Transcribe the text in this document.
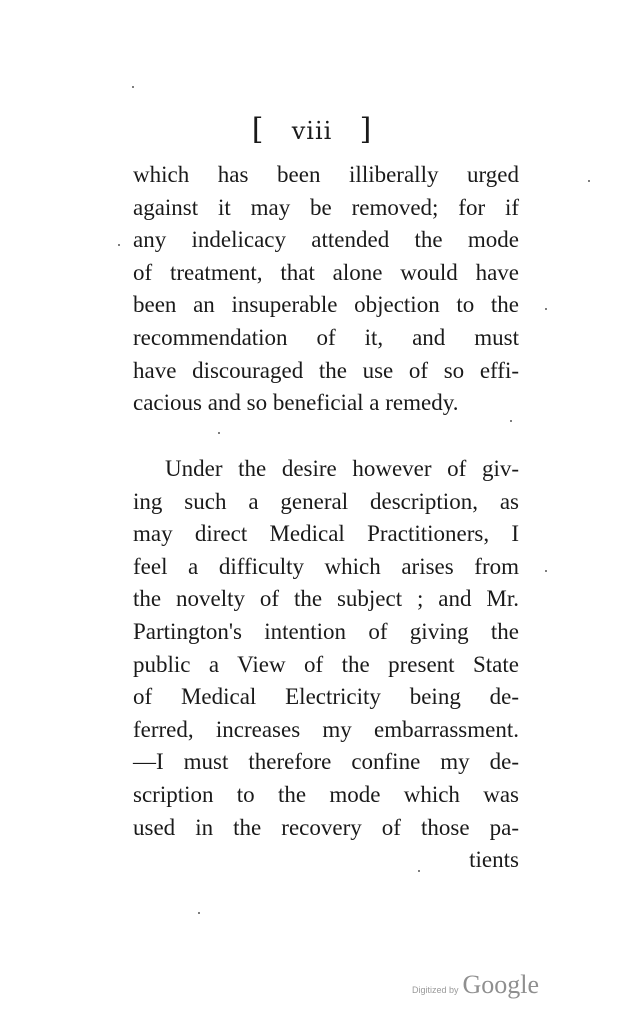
[ viii ]
which has been illiberally urged
against it may be removed; for if
any indelicacy attended the mode
of treatment, that alone would have
been an insuperable objection to the
recommendation of it, and must
have discouraged the use of so effi-
cacious and so beneficial a remedy.
Under the desire however of giv-
ing such a general description, as
may direct Medical Practitioners, I
feel a difficulty which arises from
the novelty of the subject ; and Mr.
Partington's intention of giving the
public a View of the present State
of Medical Electricity being de-
ferred, increases my embarrassment.
—I must therefore confine my de-
scription to the mode which was
used in the recovery of those pa-
tients
Digitized by Google
